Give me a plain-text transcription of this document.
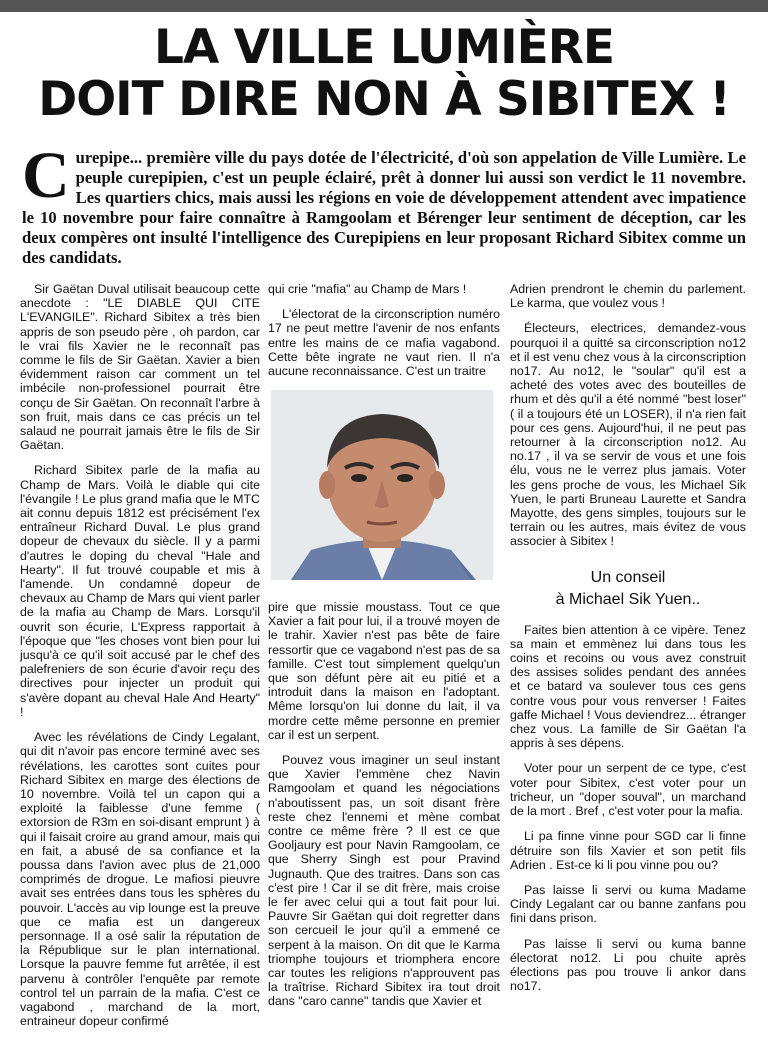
LA VILLE LUMIÈRE
DOIT DIRE NON À SIBITEX !
Curepipe... première ville du pays dotée de l'électricité, d'où son appelation de Ville Lumière. Le peuple curepipien, c'est un peuple éclairé, prêt à donner lui aussi son verdict le 11 novembre. Les quartiers chics, mais aussi les régions en voie de développement attendent avec impatience le 10 novembre pour faire connaître à Ramgoolam et Bérenger leur sentiment de déception, car les deux compères ont insulté l'intelligence des Curepipiens en leur proposant Richard Sibitex comme un des candidats.

Sir Gaëtan Duval utilisait beaucoup cette anecdote : "LE DIABLE QUI CITE L'EVANGILE". Richard Sibitex a très bien appris de son pseudo père , oh pardon, car le vrai fils Xavier ne le reconnaît pas comme le fils de Sir Gaëtan. Xavier a bien évidemment raison car comment un tel imbécile non-professionel pourrait être conçu de Sir Gaëtan. On reconnaît l'arbre à son fruit, mais dans ce cas précis un tel salaud ne pourrait jamais être le fils de Sir Gaëtan.

Richard Sibitex parle de la mafia au Champ de Mars. Voilà le diable qui cite l'évangile ! Le plus grand mafia que le MTC ait connu depuis 1812 est précisément l'ex entraîneur Richard Duval. Le plus grand dopeur de chevaux du siècle. Il y a parmi d'autres le doping du cheval "Hale and Hearty". Il fut trouvé coupable et mis à l'amende. Un condamné dopeur de chevaux au Champ de Mars qui vient parler de la mafia au Champ de Mars. Lorsqu'il ouvrit son écurie, L'Express rapportait à l'époque que "les choses vont bien pour lui jusqu'à ce qu'il soit accusé par le chef des palefreniers de son écurie d'avoir reçu des directives pour injecter un produit qui s'avère dopant au cheval Hale And Hearty" !

Avec les révélations de Cindy Legalant, qui dit n'avoir pas encore terminé avec ses révélations, les carottes sont cuites pour Richard Sibitex en marge des élections de 10 novembre. Voilà tel un capon qui a exploité la faiblesse d'une femme ( extorsion de R3m en soi-disant emprunt ) à qui il faisait croire au grand amour, mais qui en fait, a abusé de sa confiance et la poussa dans l'avion avec plus de 21,000 comprimés de drogue. Le mafiosi pieuvre avait ses entrées dans tous les sphères du pouvoir. L'accès au vip lounge est la preuve que ce mafia est un dangereux personnage. Il a osé salir la réputation de la République sur le plan international. Lorsque la pauvre femme fut arrêtée, il est parvenu à contrôler l'enquête par remote control tel un parrain de la mafia. C'est ce vagabond , marchand de la mort, entraineur dopeur confirmé

qui crie "mafia" au Champ de Mars !

L'électorat de la circonscription numéro 17 ne peut mettre l'avenir de nos enfants entre les mains de ce mafia vagabond. Cette bête ingrate ne vaut rien. Il n'a aucune reconnaissance. C'est un traitre

pire que missie moustass. Tout ce que Xavier a fait pour lui, il a trouvé moyen de le trahir. Xavier n'est pas bête de faire ressortir que ce vagabond n'est pas de sa famille. C'est tout simplement quelqu'un que son défunt père ait eu pitié et a introduit dans la maison en l'adoptant. Même lorsqu'on lui donne du lait, il va mordre cette même personne en premier car il est un serpent.

Pouvez vous imaginer un seul instant que Xavier l'emmène chez Navin Ramgoolam et quand les négociations n'aboutissent pas, un soit disant frère reste chez l'ennemi et mène combat contre ce même frère ? Il est ce que Gooljaury est pour Navin Ramgoolam, ce que Sherry Singh est pour Pravind Jugnauth. Que des traitres. Dans son cas c'est pire ! Car il se dit frère, mais croise le fer avec celui qui a tout fait pour lui. Pauvre Sir Gaëtan qui doit regretter dans son cercueil le jour qu'il a emmené ce serpent à la maison. On dit que le Karma triomphe toujours et triomphera encore car toutes les religions n'approuvent pas la traîtrise. Richard Sibitex ira tout droit dans "caro canne" tandis que Xavier et

Adrien prendront le chemin du parlement. Le karma, que voulez vous !

Électeurs, electrices, demandez-vous pourquoi il a quitté sa circonscription no12 et il est venu chez vous à la circonscription no17. Au no12, le "soular" qu'il est a acheté des votes avec des bouteilles de rhum et dès qu'il a été nommé "best loser" ( il a toujours été un LOSER), il n'a rien fait pour ces gens. Aujourd'hui, il ne peut pas retourner à la circonscription no12. Au no.17 , il va se servir de vous et une fois élu, vous ne le verrez plus jamais. Voter les gens proche de vous, les Michael Sik Yuen, le parti Bruneau Laurette et Sandra Mayotte, des gens simples, toujours sur le terrain ou les autres, mais évitez de vous associer à Sibitex !

Un conseil
à Michael Sik Yuen..

Faites bien attention à ce vipère. Tenez sa main et emmènez lui dans tous les coins et recoins ou vous avez construit des assises solides pendant des années et ce batard va soulever tous ces gens contre vous pour vous renverser ! Faites gaffe Michael ! Vous deviendrez... étranger chez vous. La famille de Sir Gaëtan l'a appris à ses dépens.

Voter pour un serpent de ce type, c'est voter pour Sibitex, c'est voter pour un tricheur, un "doper souval", un marchand de la mort . Bref , c'est voter pour la mafia.

Li pa finne vinne pour SGD car li finne détruire son fils Xavier et son petit fils Adrien . Est-ce ki li pou vinne pou ou?

Pas laisse li servi ou kuma Madame Cindy Legalant car ou banne zanfans pou fini dans prison.

Pas laisse li servi ou kuma banne électorat no12. Li pou chuite après élections pas pou trouve li ankor dans no17.
